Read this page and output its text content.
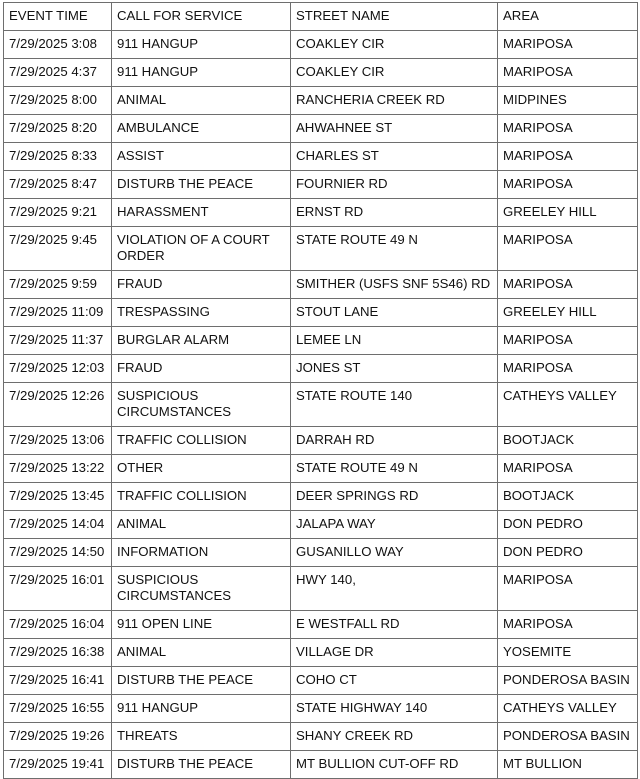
EVENT TIME	CALL FOR SERVICE	STREET NAME	AREA
7/29/2025 3:08	911 HANGUP	COAKLEY CIR	MARIPOSA
7/29/2025 4:37	911 HANGUP	COAKLEY CIR	MARIPOSA
7/29/2025 8:00	ANIMAL	RANCHERIA CREEK RD	MIDPINES
7/29/2025 8:20	AMBULANCE	AHWAHNEE ST	MARIPOSA
7/29/2025 8:33	ASSIST	CHARLES ST	MARIPOSA
7/29/2025 8:47	DISTURB THE PEACE	FOURNIER RD	MARIPOSA
7/29/2025 9:21	HARASSMENT	ERNST RD	GREELEY HILL
7/29/2025 9:45	VIOLATION OF A COURT ORDER	STATE ROUTE 49 N	MARIPOSA
7/29/2025 9:59	FRAUD	SMITHER (USFS SNF 5S46) RD	MARIPOSA
7/29/2025 11:09	TRESPASSING	STOUT LANE	GREELEY HILL
7/29/2025 11:37	BURGLAR ALARM	LEMEE LN	MARIPOSA
7/29/2025 12:03	FRAUD	JONES ST	MARIPOSA
7/29/2025 12:26	SUSPICIOUS CIRCUMSTANCES	STATE ROUTE 140	CATHEYS VALLEY
7/29/2025 13:06	TRAFFIC COLLISION	DARRAH RD	BOOTJACK
7/29/2025 13:22	OTHER	STATE ROUTE 49 N	MARIPOSA
7/29/2025 13:45	TRAFFIC COLLISION	DEER SPRINGS RD	BOOTJACK
7/29/2025 14:04	ANIMAL	JALAPA WAY	DON PEDRO
7/29/2025 14:50	INFORMATION	GUSANILLO WAY	DON PEDRO
7/29/2025 16:01	SUSPICIOUS CIRCUMSTANCES	HWY 140,	MARIPOSA
7/29/2025 16:04	911 OPEN LINE	E WESTFALL RD	MARIPOSA
7/29/2025 16:38	ANIMAL	VILLAGE DR	YOSEMITE
7/29/2025 16:41	DISTURB THE PEACE	COHO CT	PONDEROSA BASIN
7/29/2025 16:55	911 HANGUP	STATE HIGHWAY 140	CATHEYS VALLEY
7/29/2025 19:26	THREATS	SHANY CREEK RD	PONDEROSA BASIN
7/29/2025 19:41	DISTURB THE PEACE	MT BULLION CUT-OFF RD	MT BULLION
